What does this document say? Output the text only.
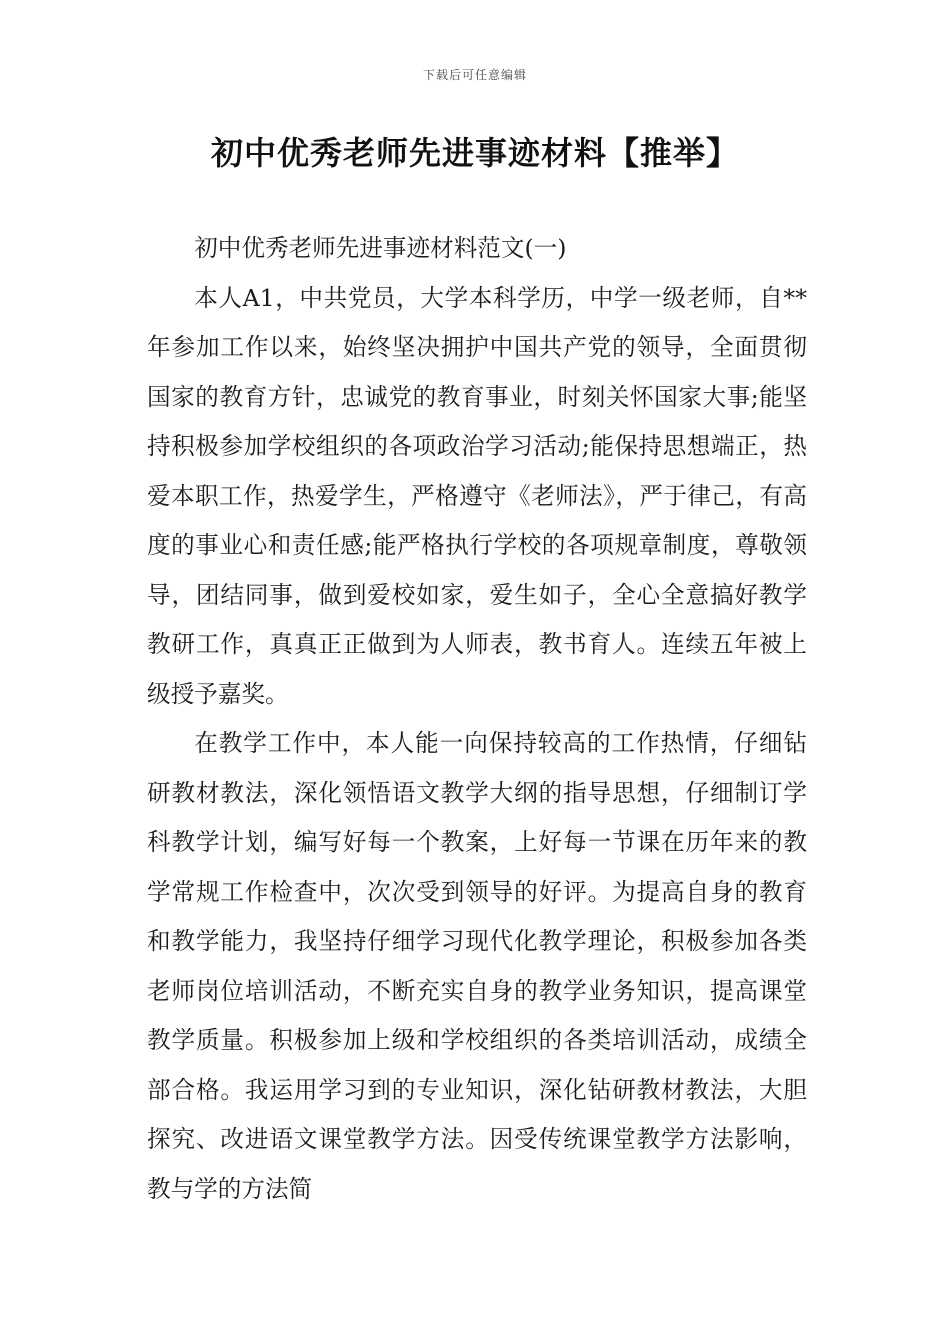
下载后可任意编辑
初中优秀老师先进事迹材料【推举】

初中优秀老师先进事迹材料范文(一)

本人A1，中共党员，大学本科学历，中学一级老师，自**年参加工作以来，始终坚决拥护中国共产党的领导，全面贯彻国家的教育方针，忠诚党的教育事业，时刻关怀国家大事;能坚持积极参加学校组织的各项政治学习活动;能保持思想端正，热爱本职工作，热爱学生，严格遵守《老师法》，严于律己，有高度的事业心和责任感;能严格执行学校的各项规章制度，尊敬领导，团结同事，做到爱校如家，爱生如子，全心全意搞好教学教研工作，真真正正做到为人师表，教书育人。连续五年被上级授予嘉奖。

在教学工作中，本人能一向保持较高的工作热情，仔细钻研教材教法，深化领悟语文教学大纲的指导思想，仔细制订学科教学计划，编写好每一个教案，上好每一节课在历年来的教学常规工作检查中，次次受到领导的好评。为提高自身的教育和教学能力，我坚持仔细学习现代化教学理论，积极参加各类老师岗位培训活动，不断充实自身的教学业务知识，提高课堂教学质量。积极参加上级和学校组织的各类培训活动，成绩全部合格。我运用学习到的专业知识，深化钻研教材教法，大胆探究、改进语文课堂教学方法。因受传统课堂教学方法影响，教与学的方法简
